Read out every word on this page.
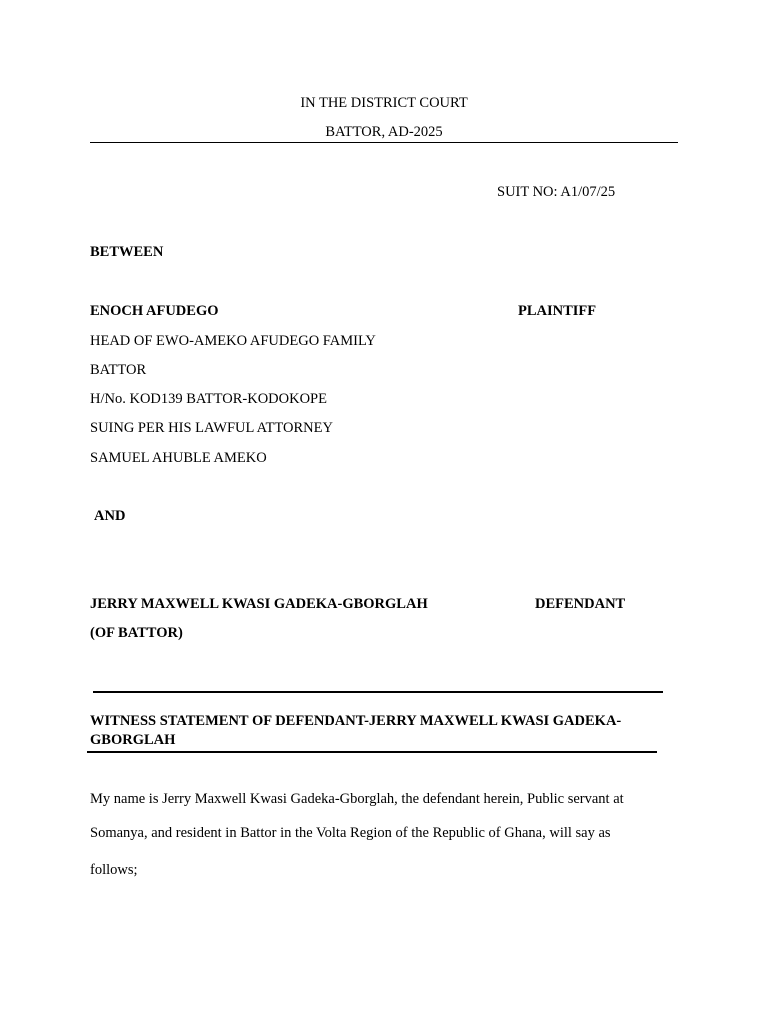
IN THE DISTRICT COURT
BATTOR, AD-2025
SUIT NO: A1/07/25
BETWEEN
ENOCH AFUDEGO	PLAINTIFF
HEAD OF EWO-AMEKO AFUDEGO FAMILY
BATTOR
H/No. KOD139 BATTOR-KODOKOPE
SUING PER HIS LAWFUL ATTORNEY
SAMUEL AHUBLE AMEKO
AND
JERRY MAXWELL KWASI GADEKA-GBORGLAH	DEFENDANT
(OF BATTOR)
WITNESS STATEMENT OF DEFENDANT-JERRY MAXWELL KWASI GADEKA-
GBORGLAH
My name is Jerry Maxwell Kwasi Gadeka-Gborglah, the defendant herein, Public servant at
Somanya, and resident in Battor in the Volta Region of the Republic of Ghana, will say as
follows;
